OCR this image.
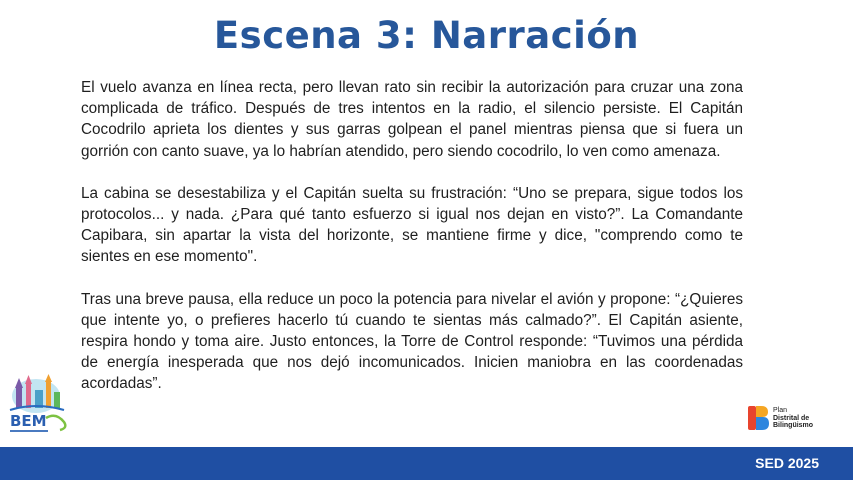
Escena 3: Narración

El vuelo avanza en línea recta, pero llevan rato sin recibir la autorización para cruzar una zona complicada de tráfico. Después de tres intentos en la radio, el silencio persiste. El Capitán Cocodrilo aprieta los dientes y sus garras golpean el panel mientras piensa que si fuera un gorrión con canto suave, ya lo habrían atendido, pero siendo cocodrilo, lo ven como amenaza.

La cabina se desestabiliza y el Capitán suelta su frustración: “Uno se prepara, sigue todos los protocolos... y nada. ¿Para qué tanto esfuerzo si igual nos dejan en visto?”. La Comandante Capibara, sin apartar la vista del horizonte, se mantiene firme y dice, "comprendo como te sientes en ese momento".

Tras una breve pausa, ella reduce un poco la potencia para nivelar el avión y propone: “¿Quieres que intente yo, o prefieres hacerlo tú cuando te sientas más calmado?”. El Capitán asiente, respira hondo y toma aire. Justo entonces, la Torre de Control responde: “Tuvimos una pérdida de energía inesperada que nos dejó incomunicados. Inicien maniobra en las coordenadas acordadas”.

BEM
Plan
Distrital de
Bilingüismo
SED 2025
